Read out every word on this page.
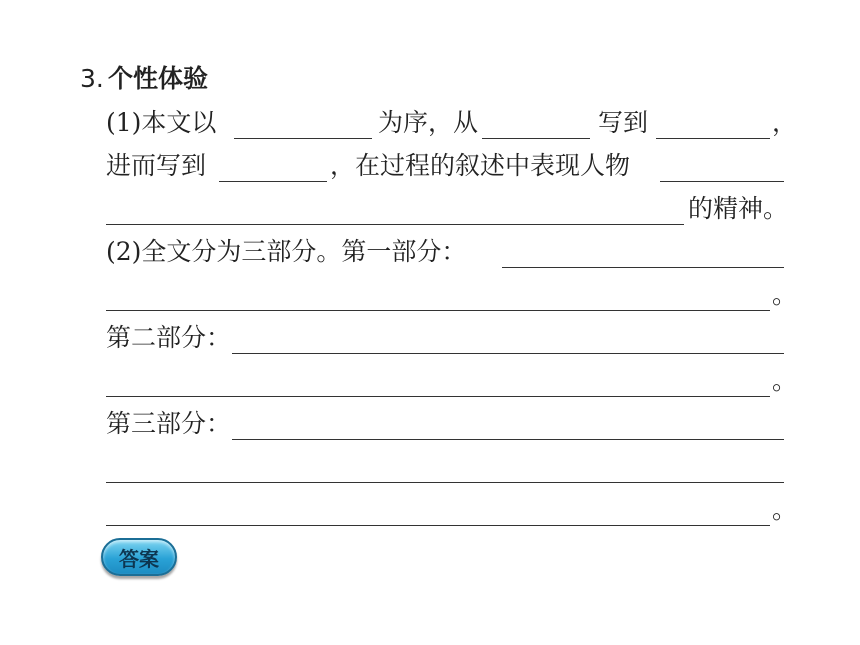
3. 个性体验
(1)本文以	为序，从	写到	，
进而写到	，在过程的叙述中表现人物
的精神。
(2)全文分为三部分。第一部分：
。
第二部分：
。
第三部分：
。
答案
